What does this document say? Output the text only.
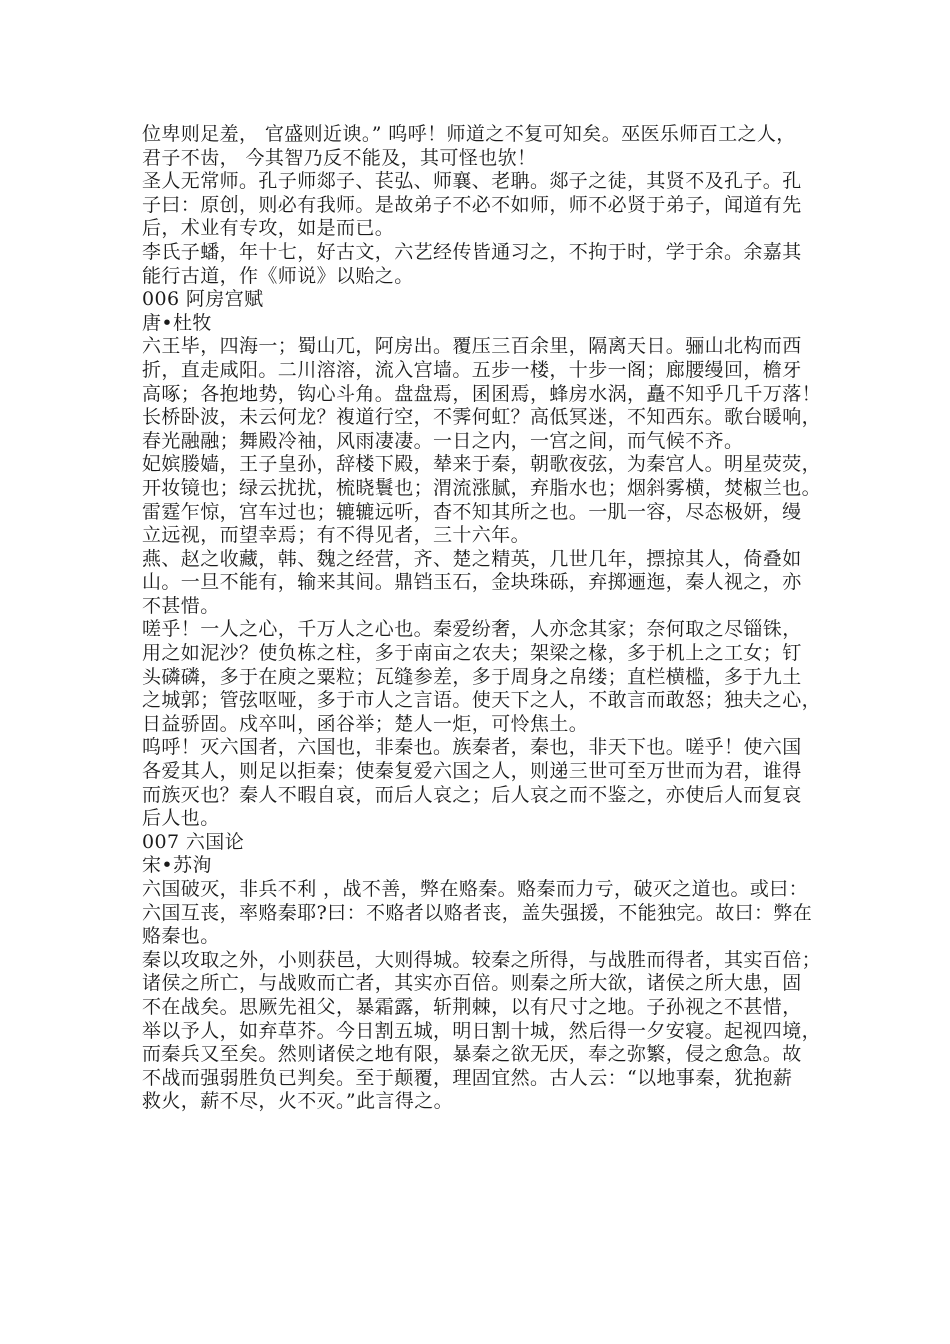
位卑则足羞， 官盛则近谀。” 呜呼！师道之不复可知矣。巫医乐师百工之人，
君子不齿， 今其智乃反不能及，其可怪也欤！
圣人无常师。孔子师郯子、苌弘、师襄、老聃。郯子之徒，其贤不及孔子。孔
子曰：原创，则必有我师。是故弟子不必不如师，师不必贤于弟子，闻道有先
后，术业有专攻，如是而已。
李氏子蟠，年十七，好古文，六艺经传皆通习之，不拘于时，学于余。余嘉其
能行古道，作《师说》以贻之。
006 阿房宫赋
唐•杜牧
六王毕，四海一；蜀山兀，阿房出。覆压三百余里，隔离天日。骊山北构而西
折，直走咸阳。二川溶溶，流入宫墙。五步一楼，十步一阁；廊腰缦回，檐牙
高啄；各抱地势，钩心斗角。盘盘焉，囷囷焉，蜂房水涡，矗不知乎几千万落！
长桥卧波，未云何龙？複道行空，不霁何虹？高低冥迷，不知西东。歌台暖响，
春光融融；舞殿冷袖，风雨凄凄。一日之内，一宫之间，而气候不齐。
妃嫔媵嫱，王子皇孙，辞楼下殿，辇来于秦，朝歌夜弦，为秦宫人。明星荧荧，
开妆镜也；绿云扰扰，梳晓鬟也；渭流涨腻，弃脂水也；烟斜雾横，焚椒兰也。
雷霆乍惊，宫车过也；辘辘远听，杳不知其所之也。一肌一容，尽态极妍，缦
立远视，而望幸焉；有不得见者，三十六年。
燕、赵之收藏，韩、魏之经营，齐、楚之精英，几世几年，摽掠其人，倚叠如
山。一旦不能有，输来其间。鼎铛玉石，金块珠砾，弃掷逦迤，秦人视之，亦
不甚惜。
嗟乎！一人之心，千万人之心也。秦爱纷奢，人亦念其家；奈何取之尽锱铢，
用之如泥沙？使负栋之柱，多于南亩之农夫；架梁之椽，多于机上之工女；钉
头磷磷，多于在庾之粟粒；瓦缝参差，多于周身之帛缕；直栏横槛，多于九土
之城郭；管弦呕哑，多于市人之言语。使天下之人，不敢言而敢怒；独夫之心，
日益骄固。戍卒叫，函谷举；楚人一炬，可怜焦土。
呜呼！灭六国者，六国也，非秦也。族秦者，秦也，非天下也。嗟乎！使六国
各爱其人，则足以拒秦；使秦复爱六国之人，则递三世可至万世而为君，谁得
而族灭也？秦人不暇自哀，而后人哀之；后人哀之而不鉴之，亦使后人而复哀
后人也。
007 六国论
宋•苏洵
六国破灭，非兵不利 ，战不善，弊在赂秦。赂秦而力亏，破灭之道也。或曰：
六国互丧，率赂秦耶?曰：不赂者以赂者丧，盖失强援，不能独完。故曰：弊在
赂秦也。
秦以攻取之外，小则获邑，大则得城。较秦之所得，与战胜而得者，其实百倍；
诸侯之所亡，与战败而亡者，其实亦百倍。则秦之所大欲，诸侯之所大患，固
不在战矣。思厥先祖父，暴霜露，斩荆棘，以有尺寸之地。子孙视之不甚惜，
举以予人，如弃草芥。今日割五城，明日割十城，然后得一夕安寝。起视四境，
而秦兵又至矣。然则诸侯之地有限，暴秦之欲无厌，奉之弥繁，侵之愈急。故
不战而强弱胜负已判矣。至于颠覆，理固宜然。古人云：“以地事秦，犹抱薪
救火，薪不尽，火不灭。”此言得之。
